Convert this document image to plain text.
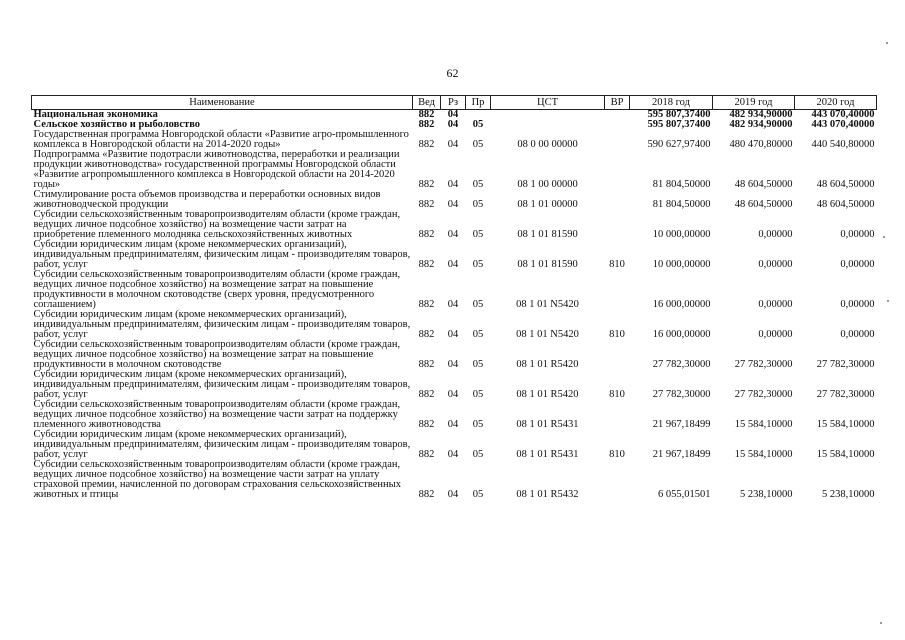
62
Наименование	Вед	Рз	Пр	ЦСТ	ВР	2018 год	2019 год	2020 год
Национальная экономика	882	04				595 807,37400	482 934,90000	443 070,40000
Сельское хозяйство и рыболовство	882	04	05			595 807,37400	482 934,90000	443 070,40000
Государственная программа Новгородской области «Развитие агро-промышленного комплекса в Новгородской области на 2014-2020 годы»	882	04	05	08 0 00 00000		590 627,97400	480 470,80000	440 540,80000
Подпрограмма «Развитие подотрасли животноводства, переработки и реализации продукции животноводства» государственной программы Новгородской области «Развитие агропромышленного комплекса в Новгородской области на 2014-2020 годы»	882	04	05	08 1 00 00000		81 804,50000	48 604,50000	48 604,50000
Стимулирование роста объемов производства и переработки основных видов животноводческой продукции	882	04	05	08 1 01 00000		81 804,50000	48 604,50000	48 604,50000
Субсидии сельскохозяйственным товаропроизводителям области (кроме граждан, ведущих личное подсобное хозяйство) на возмещение части затрат на приобретение племенного молодняка сельскохозяйственных животных	882	04	05	08 1 01 81590		10 000,00000	0,00000	0,00000
Субсидии юридическим лицам (кроме некоммерческих организаций), индивидуальным предпринимателям, физическим лицам - производителям товаров, работ, услуг	882	04	05	08 1 01 81590	810	10 000,00000	0,00000	0,00000
Субсидии сельскохозяйственным товаропроизводителям области (кроме граждан, ведущих личное подсобное хозяйство) на возмещение затрат на повышение продуктивности в молочном скотоводстве (сверх уровня, предусмотренного соглашением)	882	04	05	08 1 01 N5420		16 000,00000	0,00000	0,00000
Субсидии юридическим лицам (кроме некоммерческих организаций), индивидуальным предпринимателям, физическим лицам - производителям товаров, работ, услуг	882	04	05	08 1 01 N5420	810	16 000,00000	0,00000	0,00000
Субсидии сельскохозяйственным товаропроизводителям области (кроме граждан, ведущих личное подсобное хозяйство) на возмещение затрат на повышение продуктивности в молочном скотоводстве	882	04	05	08 1 01 R5420		27 782,30000	27 782,30000	27 782,30000
Субсидии юридическим лицам (кроме некоммерческих организаций), индивидуальным предпринимателям, физическим лицам - производителям товаров, работ, услуг	882	04	05	08 1 01 R5420	810	27 782,30000	27 782,30000	27 782,30000
Субсидии сельскохозяйственным товаропроизводителям области (кроме граждан, ведущих личное подсобное хозяйство) на возмещение части затрат на поддержку племенного животноводства	882	04	05	08 1 01 R5431		21 967,18499	15 584,10000	15 584,10000
Субсидии юридическим лицам (кроме некоммерческих организаций), индивидуальным предпринимателям, физическим лицам - производителям товаров, работ, услуг	882	04	05	08 1 01 R5431	810	21 967,18499	15 584,10000	15 584,10000
Субсидии сельскохозяйственным товаропроизводителям области (кроме граждан, ведущих личное подсобное хозяйство) на возмещение части затрат на уплату страховой премии, начисленной по договорам страхования сельскохозяйственных животных и птицы	882	04	05	08 1 01 R5432		6 055,01501	5 238,10000	5 238,10000
